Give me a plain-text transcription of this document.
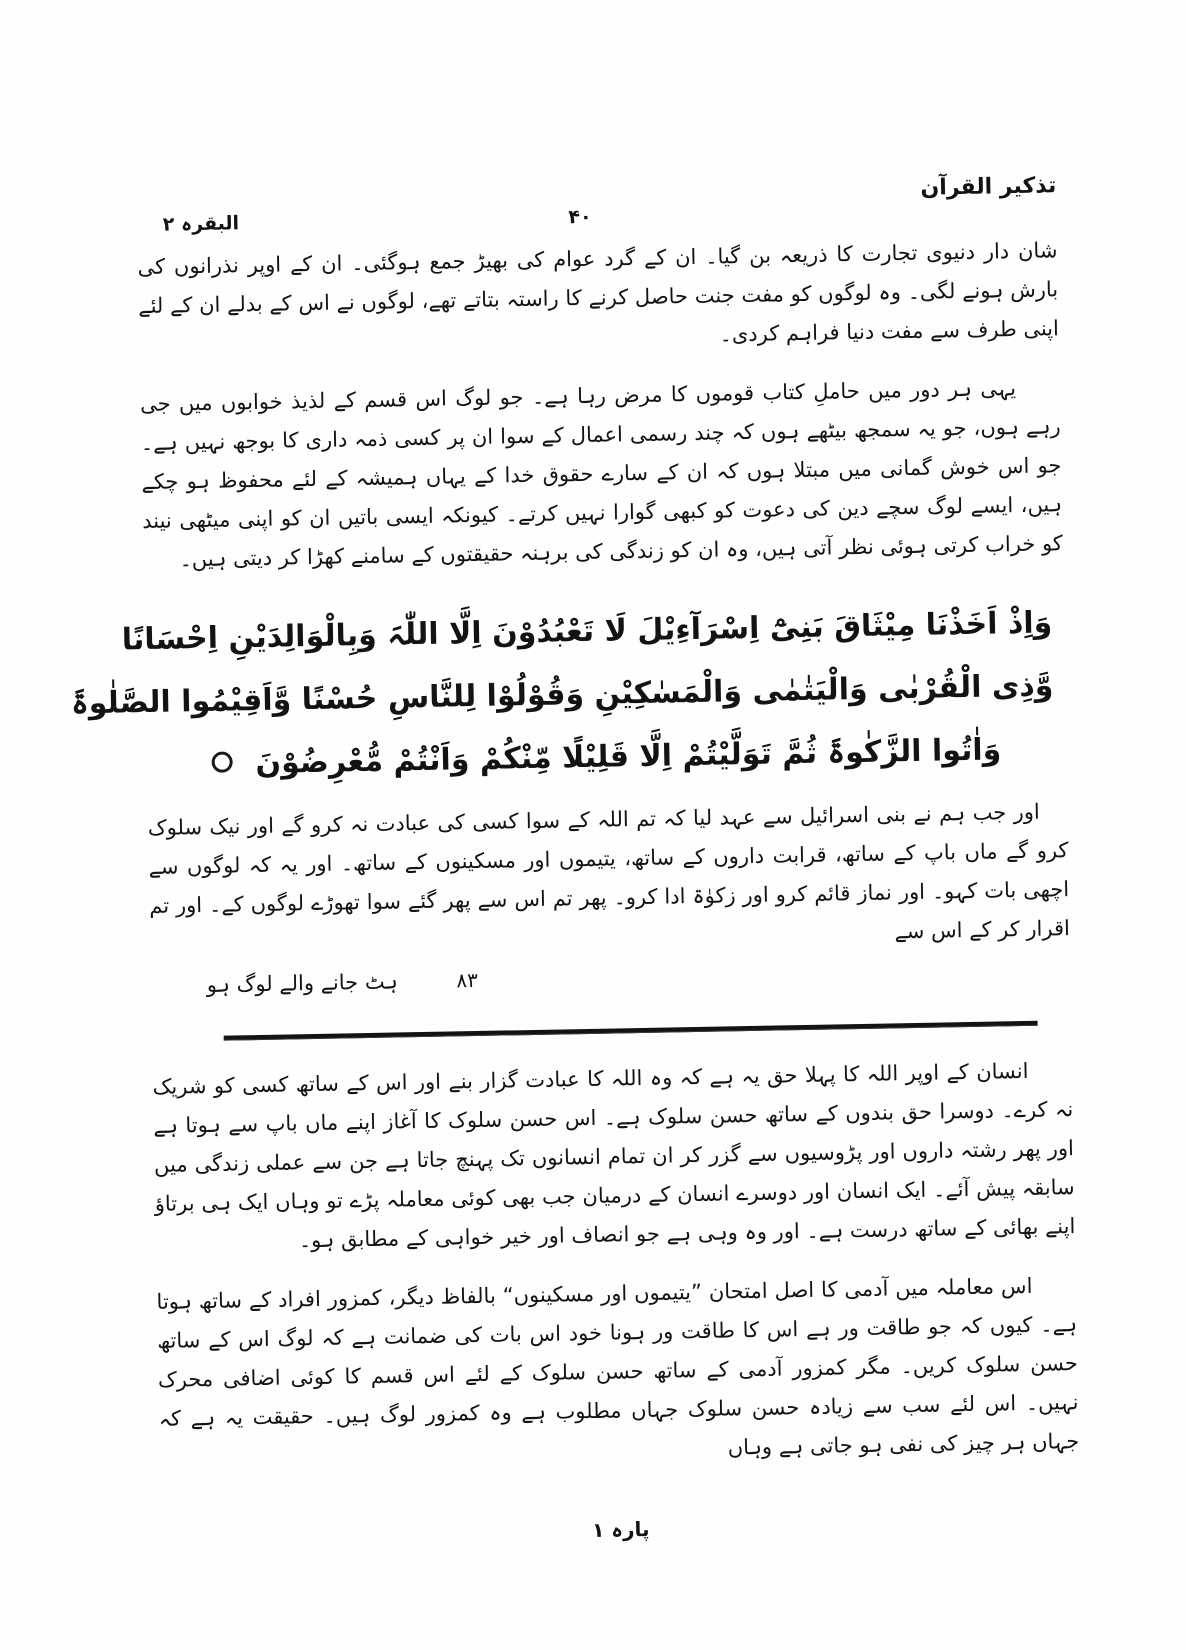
تذکیر القرآن
۴۰
البقرہ ۲

شان دار دنیوی تجارت کا ذریعہ بن گیا۔ ان کے گرد عوام کی بھیڑ جمع ہوگئی۔ ان کے اوپر نذرانوں کی بارش ہونے لگی۔ وہ لوگوں کو مفت جنت حاصل کرنے کا راستہ بتاتے تھے، لوگوں نے اس کے بدلے ان کے لئے اپنی طرف سے مفت دنیا فراہم کردی۔

یہی ہر دور میں حاملِ کتاب قوموں کا مرض رہا ہے۔ جو لوگ اس قسم کے لذیذ خوابوں میں جی رہے ہوں، جو یہ سمجھ بیٹھے ہوں کہ چند رسمی اعمال کے سوا ان پر کسی ذمہ داری کا بوجھ نہیں ہے۔ جو اس خوش گمانی میں مبتلا ہوں کہ ان کے سارے حقوق خدا کے یہاں ہمیشہ کے لئے محفوظ ہو چکے ہیں، ایسے لوگ سچے دین کی دعوت کو کبھی گوارا نہیں کرتے۔ کیونکہ ایسی باتیں ان کو اپنی میٹھی نیند کو خراب کرتی ہوئی نظر آتی ہیں، وہ ان کو زندگی کی برہنہ حقیقتوں کے سامنے کھڑا کر دیتی ہیں۔

وَاِذْ اَخَذْنَا مِیْثَاقَ بَنِیْٓ اِسْرَآءِیْلَ لَا تَعْبُدُوْنَ اِلَّا اللّٰہَ وَبِالْوَالِدَیْنِ اِحْسَانًا
وَّذِی الْقُرْبٰی وَالْیَتٰمٰی وَالْمَسٰکِیْنِ وَقُوْلُوْا لِلنَّاسِ حُسْنًا وَّاَقِیْمُوا الصَّلٰوۃَ
وَاٰتُوا الزَّکٰوۃَ ثُمَّ تَوَلَّیْتُمْ اِلَّا قَلِیْلًا مِّنْکُمْ وَاَنْتُمْ مُّعْرِضُوْنَ

اور جب ہم نے بنی اسرائیل سے عہد لیا کہ تم اللہ کے سوا کسی کی عبادت نہ کرو گے اور نیک سلوک کرو گے ماں باپ کے ساتھ، قرابت داروں کے ساتھ، یتیموں اور مسکینوں کے ساتھ۔ اور یہ کہ لوگوں سے اچھی بات کہو۔ اور نماز قائم کرو اور زکوٰۃ ادا کرو۔ پھر تم اس سے پھر گئے سوا تھوڑے لوگوں کے۔ اور تم اقرار کر کے اس سے

ہٹ جانے والے لوگ ہو	۸۳

انسان کے اوپر اللہ کا پہلا حق یہ ہے کہ وہ اللہ کا عبادت گزار بنے اور اس کے ساتھ کسی کو شریک نہ کرے۔ دوسرا حق بندوں کے ساتھ حسن سلوک ہے۔ اس حسن سلوک کا آغاز اپنے ماں باپ سے ہوتا ہے اور پھر رشتہ داروں اور پڑوسیوں سے گزر کر ان تمام انسانوں تک پہنچ جاتا ہے جن سے عملی زندگی میں سابقہ پیش آئے۔ ایک انسان اور دوسرے انسان کے درمیان جب بھی کوئی معاملہ پڑے تو وہاں ایک ہی برتاؤ اپنے بھائی کے ساتھ درست ہے۔ اور وہ وہی ہے جو انصاف اور خیر خواہی کے مطابق ہو۔

اس معاملہ میں آدمی کا اصل امتحان ”یتیموں اور مسکینوں“ بالفاظ دیگر، کمزور افراد کے ساتھ ہوتا ہے۔ کیوں کہ جو طاقت ور ہے اس کا طاقت ور ہونا خود اس بات کی ضمانت ہے کہ لوگ اس کے ساتھ حسن سلوک کریں۔ مگر کمزور آدمی کے ساتھ حسن سلوک کے لئے اس قسم کا کوئی اضافی محرک نہیں۔ اس لئے سب سے زیادہ حسن سلوک جہاں مطلوب ہے وہ کمزور لوگ ہیں۔ حقیقت یہ ہے کہ جہاں ہر چیز کی نفی ہو جاتی ہے وہاں

پارہ ۱
